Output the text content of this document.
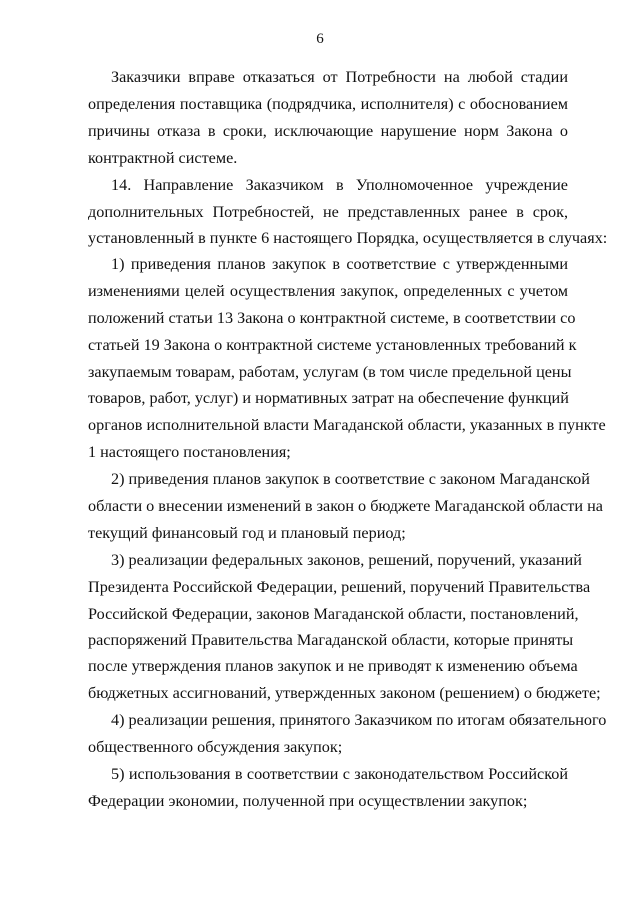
6
Заказчики вправе отказаться от Потребности на любой стадии
определения поставщика (подрядчика, исполнителя) с обоснованием
причины отказа в сроки, исключающие нарушение норм Закона о
контрактной системе.
14. Направление Заказчиком в Уполномоченное учреждение
дополнительных Потребностей, не представленных ранее в срок,
установленный в пункте 6 настоящего Порядка, осуществляется в случаях:
1) приведения планов закупок в соответствие с утвержденными
изменениями целей осуществления закупок, определенных с учетом
положений статьи 13 Закона о контрактной системе, в соответствии со
статьей 19 Закона о контрактной системе установленных требований к
закупаемым товарам, работам, услугам (в том числе предельной цены
товаров, работ, услуг) и нормативных затрат на обеспечение функций
органов исполнительной власти Магаданской области, указанных в пункте
1 настоящего постановления;
2) приведения планов закупок в соответствие с законом Магаданской
области о внесении изменений в закон о бюджете Магаданской области на
текущий финансовый год и плановый период;
3) реализации федеральных законов, решений, поручений, указаний
Президента Российской Федерации, решений, поручений Правительства
Российской Федерации, законов Магаданской области, постановлений,
распоряжений Правительства Магаданской области, которые приняты
после утверждения планов закупок и не приводят к изменению объема
бюджетных ассигнований, утвержденных законом (решением) о бюджете;
4) реализации решения, принятого Заказчиком по итогам обязательного
общественного обсуждения закупок;
5) использования в соответствии с законодательством Российской
Федерации экономии, полученной при осуществлении закупок;
